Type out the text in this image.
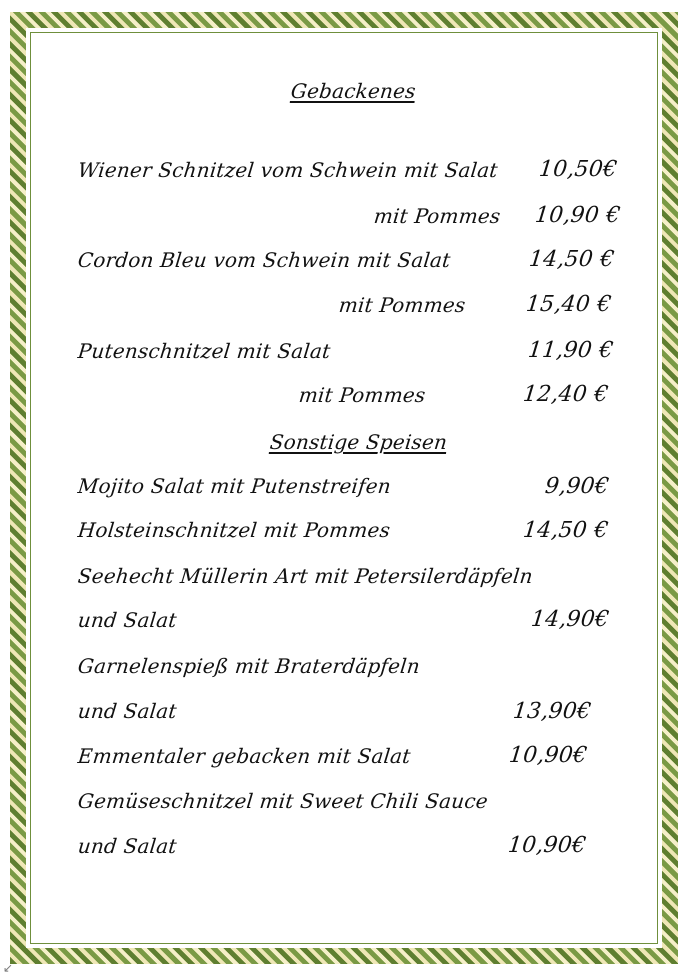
Gebackenes
Wiener Schnitzel vom Schwein mit Salat 10,50€
mit Pommes 10,90 €
Cordon Bleu vom Schwein mit Salat	14,50 €
mit Pommes	15,40 €
Putenschnitzel mit Salat	11,90 €
mit Pommes	12,40 €
Sonstige Speisen
Mojito Salat mit Putenstreifen	9,90€
Holsteinschnitzel mit Pommes	14,50 €
Seehecht Müllerin Art mit Petersilerdäpfeln
und Salat	14,90€
Garnelenspieß mit Braterdäpfeln
und Salat	13,90€
Emmentaler gebacken mit Salat	10,90€
Gemüseschnitzel mit Sweet Chili Sauce
und Salat	10,90€
↙
